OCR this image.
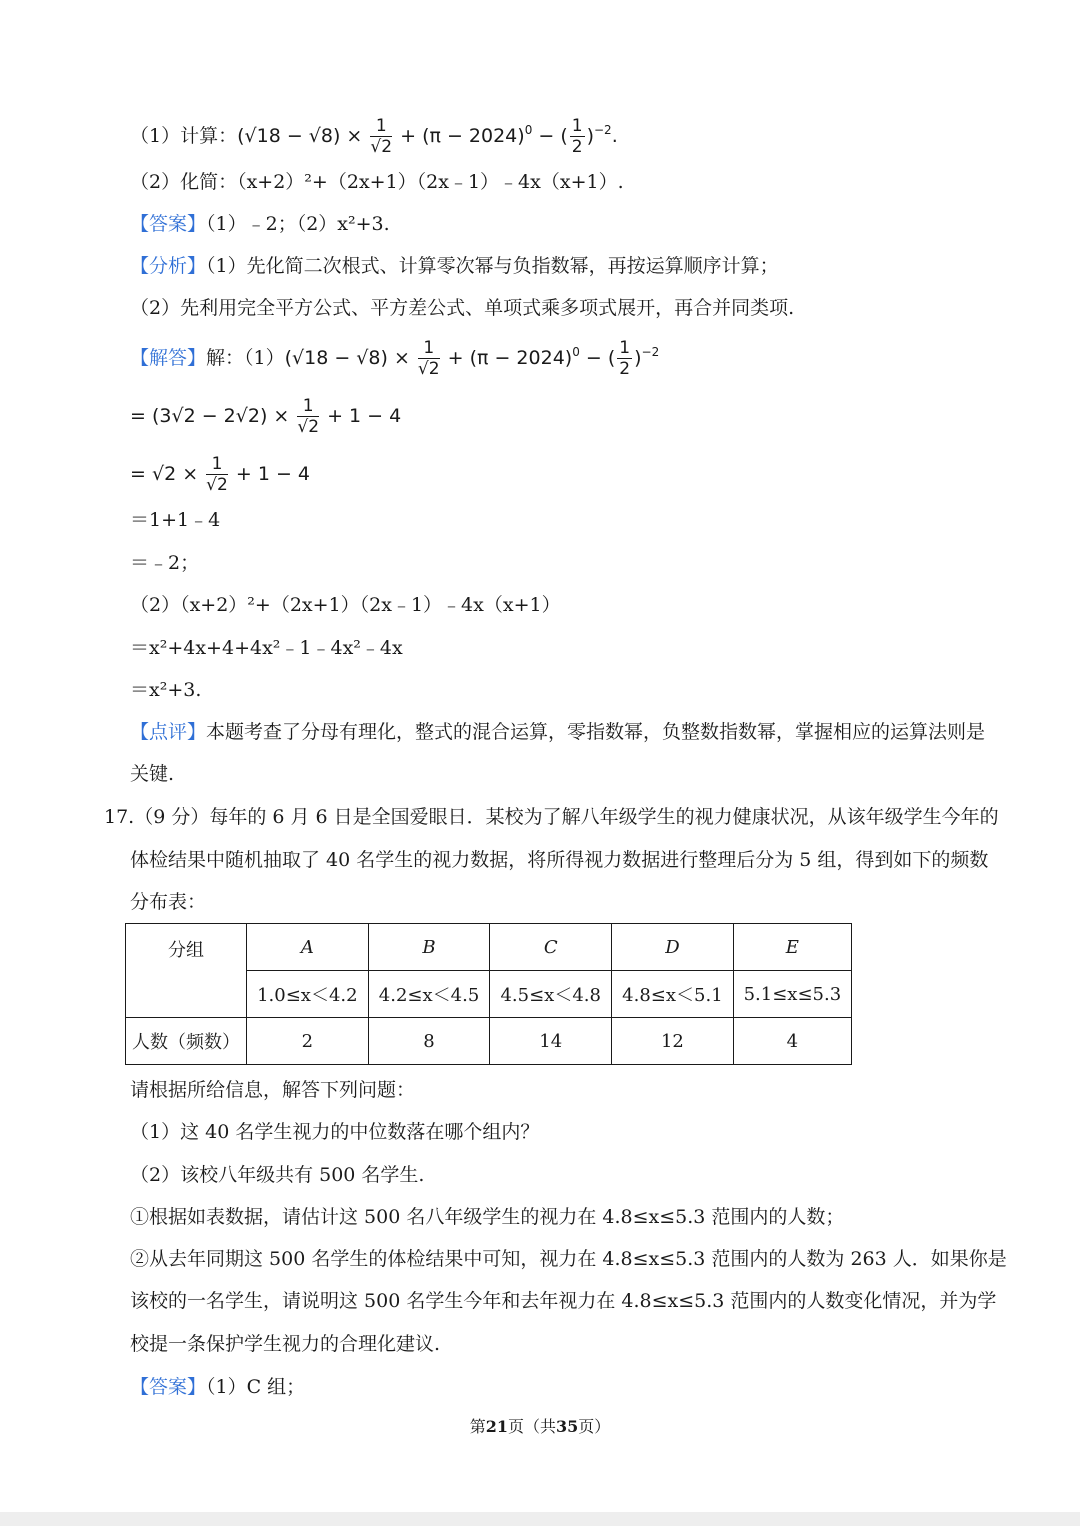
（1）计算：$(√18 - √8) \times \frac{1}{√2} + (\pi - 2024)^0$ − ( $\frac{1}{2} )^{-2}$.
（2）化简：（x+2）²+（2x+1）（2x﹣1）﹣4x（x+1）.
【答案】（1）﹣2；（2）x²+3.
【分析】（1）先化简二次根式、计算零次幂与负指数幂，再按运算顺序计算；
（2）先利用完全平方公式、平方差公式、单项式乘多项式展开，再合并同类项.
【解答】解：$(1)(√18 - √8) \times \frac{1}{√2} + (\pi - 2024)^0$ − ( $\frac{1}{2} )^{-2}$
= $(3√2 - 2√2) \times \frac{1}{√2} + 1 - 4$
= $√2 \times \frac{1}{√2} + 1 - 4$
＝1+1﹣4
＝﹣2；
（2）（x+2）²+（2x+1）（2x﹣1）﹣4x（x+1）
＝x²+4x+4+4x²﹣1﹣4x²﹣4x
＝x²+3.
【点评】本题考查了分母有理化，整式的混合运算，零指数幂，负整数指数幂，掌握相应的运算法则是
关键.
17.（9 分）每年的 6 月 6 日是全国爱眼日．某校为了解八年级学生的视力健康状况，从该年级学生今年的
体检结果中随机抽取了 40 名学生的视力数据，将所得视力数据进行整理后分为 5 组，得到如下的频数
分布表：
分组	A	B	C	D	E
	1.0≤x＜4.2	4.2≤x＜4.5	4.5≤x＜4.8	4.8≤x＜5.1	5.1≤x≤5.3
人数（频数）	2	8	14	12	4
请根据所给信息，解答下列问题：
（1）这 40 名学生视力的中位数落在哪个组内？
（2）该校八年级共有 500 名学生.
①根据如表数据，请估计这 500 名八年级学生的视力在 4.8≤x≤5.3 范围内的人数；
②从去年同期这 500 名学生的体检结果中可知，视力在 4.8≤x≤5.3 范围内的人数为 263 人．如果你是
该校的一名学生，请说明这 500 名学生今年和去年视力在 4.8≤x≤5.3 范围内的人数变化情况，并为学
校提一条保护学生视力的合理化建议.
【答案】（1）C 组；
第21页（共35页）
